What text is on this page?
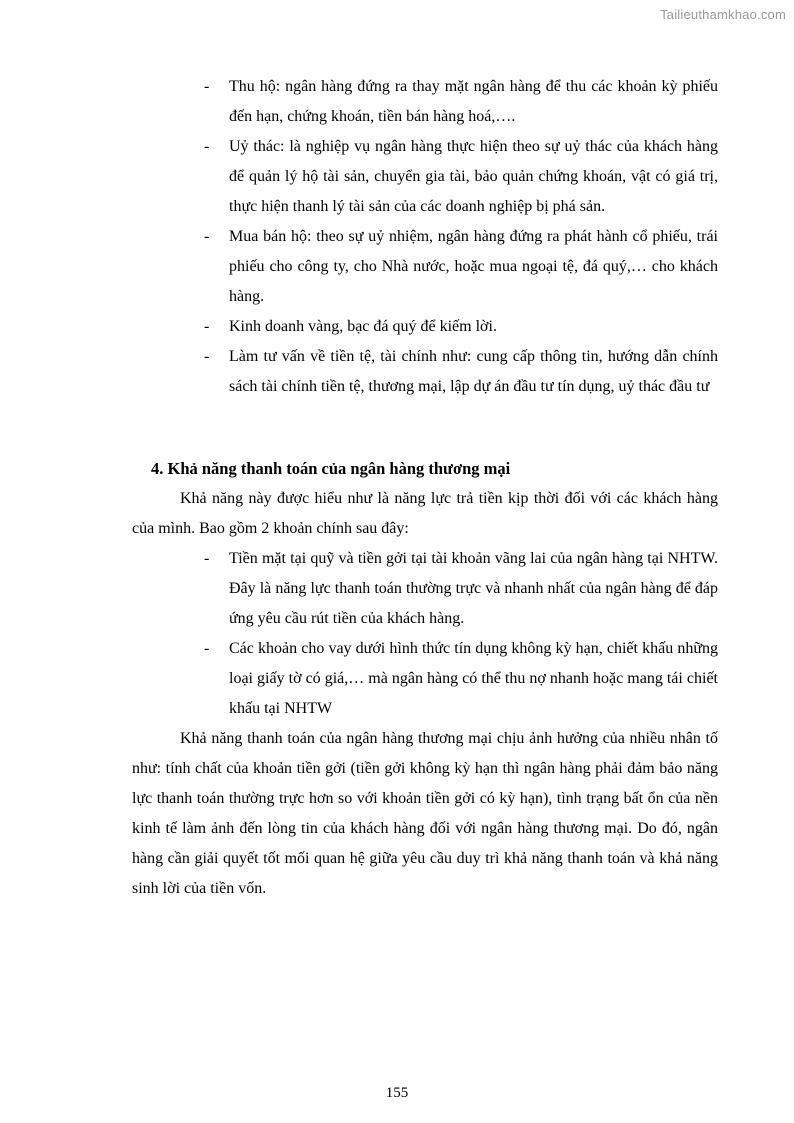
Tailieuthamkhao.com
- Thu hộ: ngân hàng đứng ra thay mặt ngân hàng để thu các khoản kỳ phiếu đến hạn, chứng khoán, tiền bán hàng hoá,….
- Uỷ thác: là nghiệp vụ ngân hàng thực hiện theo sự uỷ thác của khách hàng để quản lý hộ tài sản, chuyển gia tài, bảo quản chứng khoán, vật có giá trị, thực hiện thanh lý tài sản của các doanh nghiệp bị phá sản.
- Mua bán hộ: theo sự uỷ nhiệm, ngân hàng đứng ra phát hành cổ phiếu, trái phiếu cho công ty, cho Nhà nước, hoặc mua ngoại tệ, đá quý,… cho khách hàng.
- Kinh doanh vàng, bạc đá quý để kiếm lời.
- Làm tư vấn về tiền tệ, tài chính như: cung cấp thông tin, hướng dẫn chính sách tài chính tiền tệ, thương mại, lập dự án đầu tư tín dụng, uỷ thác đầu tư
4. Khả năng thanh toán của ngân hàng thương mại

Khả năng này được hiểu như là năng lực trả tiền kịp thời đối với các khách hàng của mình. Bao gồm 2 khoản chính sau đây:

- Tiền mặt tại quỹ và tiền gởi tại tài khoản vãng lai của ngân hàng tại NHTW. Đây là năng lực thanh toán thường trực và nhanh nhất của ngân hàng để đáp ứng yêu cầu rút tiền của khách hàng.
- Các khoản cho vay dưới hình thức tín dụng không kỳ hạn, chiết khấu những loại giấy tờ có giá,… mà ngân hàng có thể thu nợ nhanh hoặc mang tái chiết khấu tại NHTW

Khả năng thanh toán của ngân hàng thương mại chịu ảnh hưởng của nhiều nhân tố như: tính chất của khoản tiền gởi (tiền gởi không kỳ hạn thì ngân hàng phải đảm bảo năng lực thanh toán thường trực hơn so với khoản tiền gởi có kỳ hạn), tình trạng bất ổn của nền kinh tế làm ảnh đến lòng tin của khách hàng đối với ngân hàng thương mại. Do đó, ngân hàng cần giải quyết tốt mối quan hệ giữa yêu cầu duy trì khả năng thanh toán và khả năng sinh lời của tiền vốn.

155
